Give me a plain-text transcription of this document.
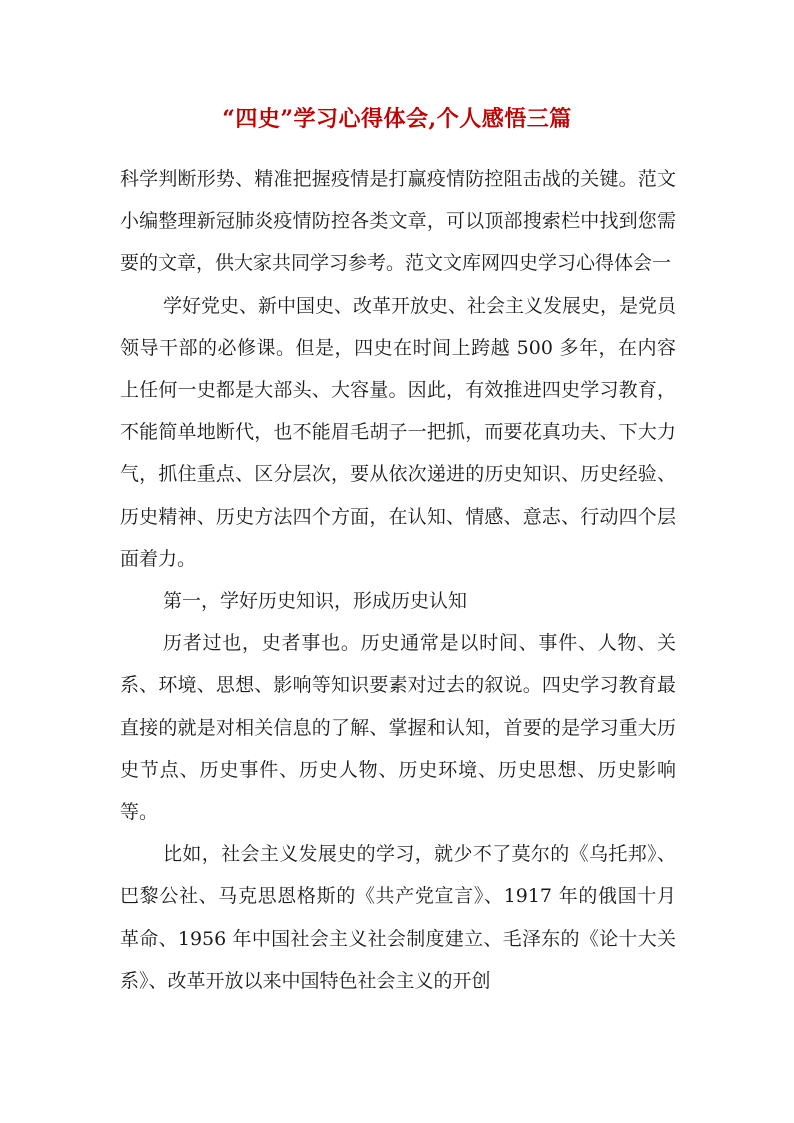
“四史”学习心得体会,个人感悟三篇

科学判断形势、精准把握疫情是打赢疫情防控阻击战的关键。范文小编整理新冠肺炎疫情防控各类文章，可以顶部搜索栏中找到您需要的文章，供大家共同学习参考。范文文库网四史学习心得体会一

学好党史、新中国史、改革开放史、社会主义发展史，是党员领导干部的必修课。但是，四史在时间上跨越 500 多年，在内容上任何一史都是大部头、大容量。因此，有效推进四史学习教育，不能简单地断代，也不能眉毛胡子一把抓，而要花真功夫、下大力气，抓住重点、区分层次，要从依次递进的历史知识、历史经验、历史精神、历史方法四个方面，在认知、情感、意志、行动四个层面着力。

第一，学好历史知识，形成历史认知

历者过也，史者事也。历史通常是以时间、事件、人物、关系、环境、思想、影响等知识要素对过去的叙说。四史学习教育最直接的就是对相关信息的了解、掌握和认知，首要的是学习重大历史节点、历史事件、历史人物、历史环境、历史思想、历史影响等。

比如，社会主义发展史的学习，就少不了莫尔的《乌托邦》、巴黎公社、马克思恩格斯的《共产党宣言》、1917 年的俄国十月革命、1956 年中国社会主义社会制度建立、毛泽东的《论十大关系》、改革开放以来中国特色社会主义的开创
